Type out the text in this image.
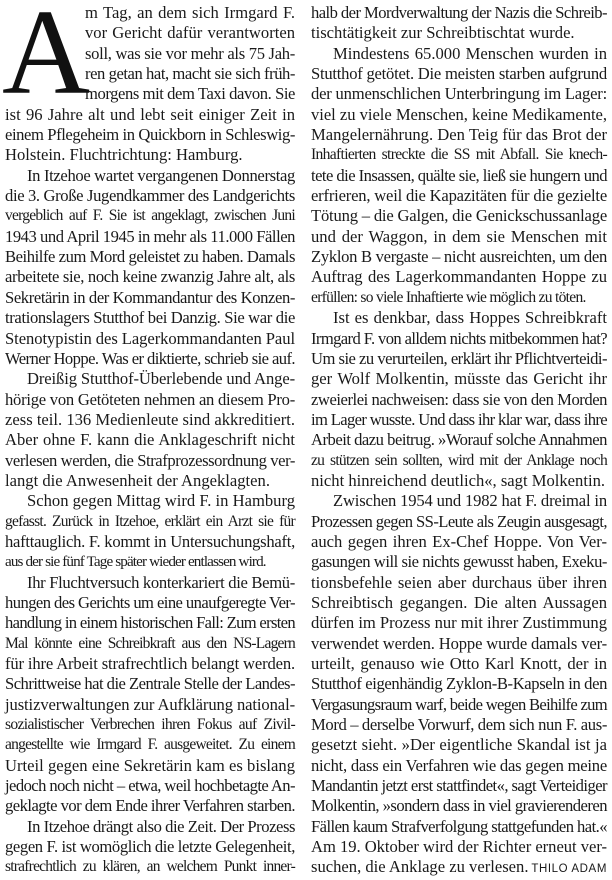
A
m Tag, an dem sich Irmgard F.
vor Gericht dafür verantworten
soll, was sie vor mehr als 75 Jah-
ren getan hat, macht sie sich früh-
morgens mit dem Taxi davon. Sie
ist 96 Jahre alt und lebt seit einiger Zeit in
einem Pflegeheim in Quickborn in Schleswig-
Holstein. Fluchtrichtung: Hamburg.
In Itzehoe wartet vergangenen Donnerstag
die 3. Große Jugendkammer des Landgerichts
vergeblich auf F. Sie ist angeklagt, zwischen Juni
1943 und April 1945 in mehr als 11.000 Fällen
Beihilfe zum Mord geleistet zu haben. Damals
arbeitete sie, noch keine zwanzig Jahre alt, als
Sekretärin in der Kommandantur des Konzen-
trationslagers Stutthof bei Danzig. Sie war die
Stenotypistin des Lagerkommandanten Paul
Werner Hoppe. Was er diktierte, schrieb sie auf.
Dreißig Stutthof-Überlebende und Ange-
hörige von Getöteten nehmen an diesem Pro-
zess teil. 136 Medienleute sind akkreditiert.
Aber ohne F. kann die Anklageschrift nicht
verlesen werden, die Strafprozessordnung ver-
langt die Anwesenheit der Angeklagten.
Schon gegen Mittag wird F. in Hamburg
gefasst. Zurück in Itzehoe, erklärt ein Arzt sie für
hafttauglich. F. kommt in Untersuchungshaft,
aus der sie fünf Tage später wieder entlassen wird.
Ihr Fluchtversuch konterkariert die Bemü-
hungen des Gerichts um eine unaufgeregte Ver-
handlung in einem historischen Fall: Zum ersten
Mal könnte eine Schreibkraft aus den NS-Lagern
für ihre Arbeit strafrechtlich belangt werden.
Schrittweise hat die Zentrale Stelle der Landes-
justizverwaltungen zur Aufklärung national-
sozialistischer Verbrechen ihren Fokus auf Zivil-
angestellte wie Irmgard F. ausgeweitet. Zu einem
Urteil gegen eine Sekretärin kam es bislang
jedoch noch nicht – etwa, weil hochbetagte An-
geklagte vor dem Ende ihrer Verfahren starben.
In Itzehoe drängt also die Zeit. Der Prozess
gegen F. ist womöglich die letzte Gelegenheit,
strafrechtlich zu klären, an welchem Punkt inner-
halb der Mordverwaltung der Nazis die Schreib-
tischtätigkeit zur Schreibtischtat wurde.
Mindestens 65.000 Menschen wurden in
Stutthof getötet. Die meisten starben aufgrund
der unmenschlichen Unterbringung im Lager:
viel zu viele Menschen, keine Medikamente,
Mangelernährung. Den Teig für das Brot der
Inhaftierten streckte die SS mit Abfall. Sie knech-
tete die Insassen, quälte sie, ließ sie hungern und
erfrieren, weil die Kapazitäten für die gezielte
Tötung – die Galgen, die Genickschussanlage
und der Waggon, in dem sie Menschen mit
Zyklon B vergaste – nicht ausreichten, um den
Auftrag des Lagerkommandanten Hoppe zu
erfüllen: so viele Inhaftierte wie möglich zu töten.
Ist es denkbar, dass Hoppes Schreibkraft
Irmgard F. von alldem nichts mitbekommen hat?
Um sie zu verurteilen, erklärt ihr Pflichtverteidi-
ger Wolf Molkentin, müsste das Gericht ihr
zweierlei nachweisen: dass sie von den Morden
im Lager wusste. Und dass ihr klar war, dass ihre
Arbeit dazu beitrug. »Worauf solche Annahmen
zu stützen sein sollten, wird mit der Anklage noch
nicht hinreichend deutlich«, sagt Molkentin.
Zwischen 1954 und 1982 hat F. dreimal in
Prozessen gegen SS-Leute als Zeugin ausgesagt,
auch gegen ihren Ex-Chef Hoppe. Von Ver-
gasungen will sie nichts gewusst haben, Exeku-
tionsbefehle seien aber durchaus über ihren
Schreibtisch gegangen. Die alten Aussagen
dürfen im Prozess nur mit ihrer Zustimmung
verwendet werden. Hoppe wurde damals ver-
urteilt, genauso wie Otto Karl Knott, der in
Stutthof eigenhändig Zyklon-B-Kapseln in den
Vergasungsraum warf, beide wegen Beihilfe zum
Mord – derselbe Vorwurf, dem sich nun F. aus-
gesetzt sieht. »Der eigentliche Skandal ist ja
nicht, dass ein Verfahren wie das gegen meine
Mandantin jetzt erst stattfindet«, sagt Verteidiger
Molkentin, »sondern dass in viel gravierenderen
Fällen kaum Strafverfolgung stattgefunden hat.«
Am 19. Oktober wird der Richter erneut ver-
suchen, die Anklage zu verlesen. THILO ADAM
